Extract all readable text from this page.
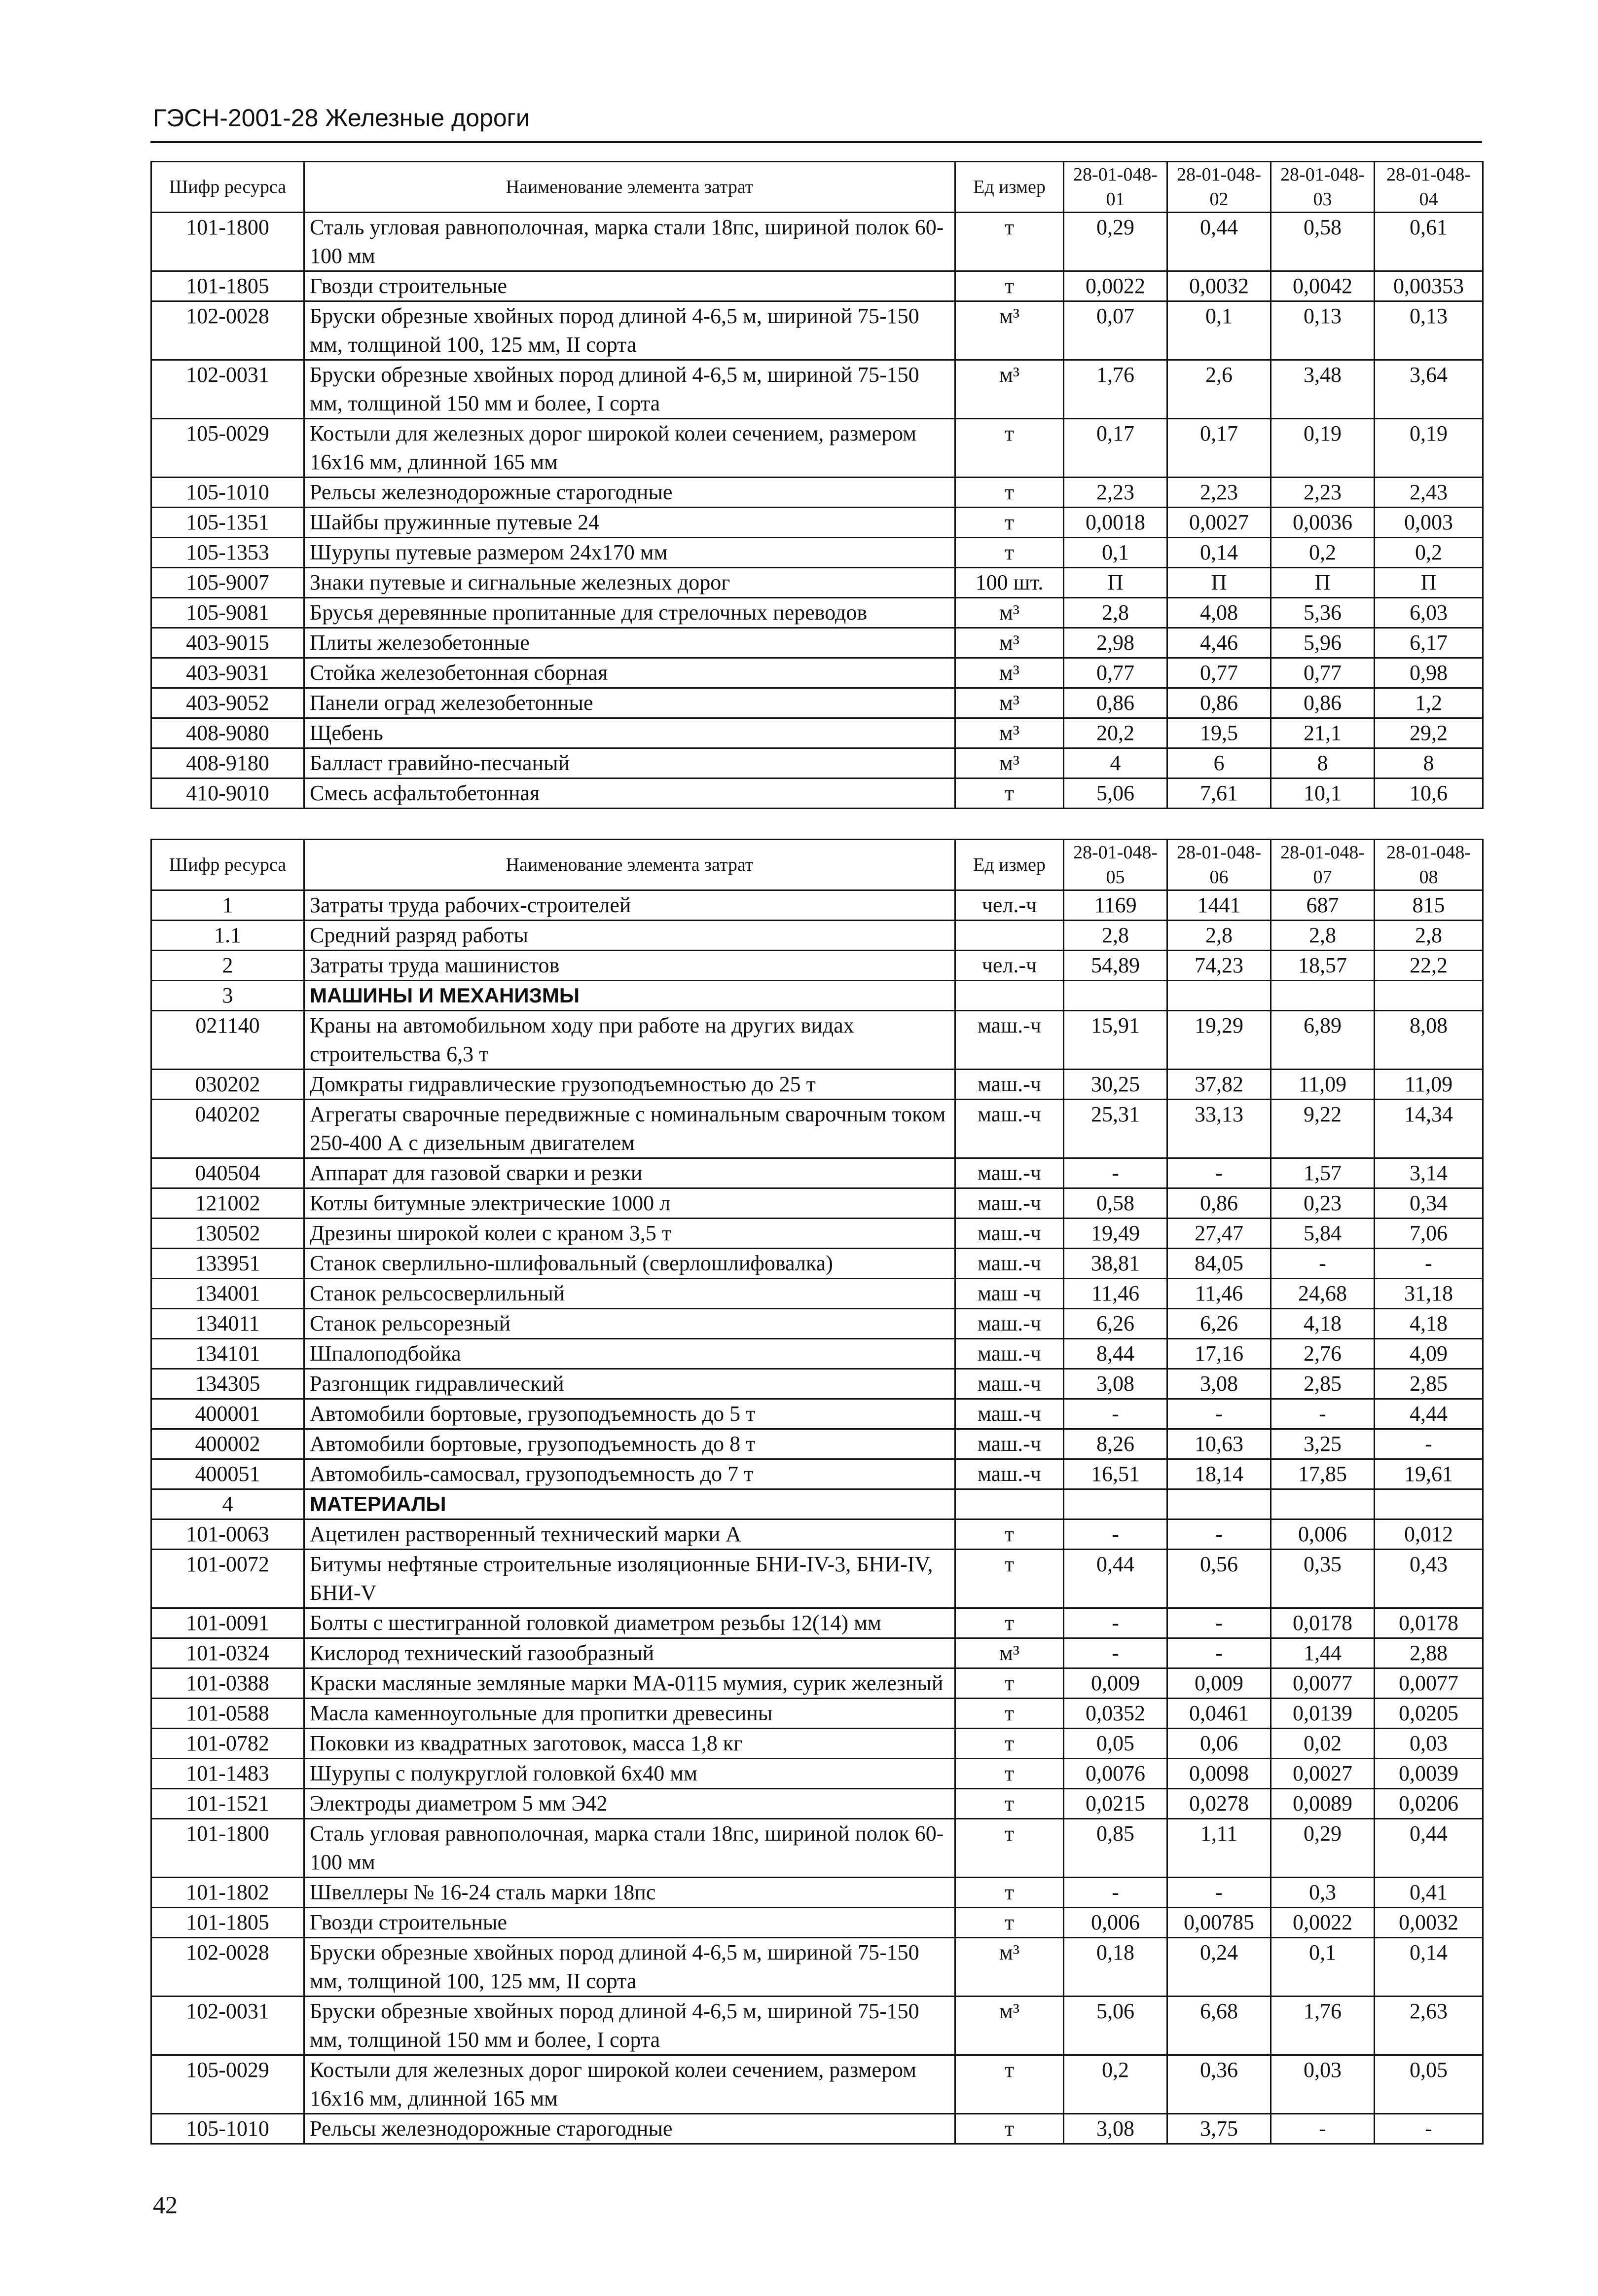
ГЭСН-2001-28 Железные дороги
Шифр ресурса	Наименование элемента затрат	Ед измер	28-01-048-01	28-01-048-02	28-01-048-03	28-01-048-04
101-1800	Сталь угловая равнополочная, марка стали 18пс, шириной полок 60-100 мм	т	0,29	0,44	0,58	0,61
101-1805	Гвозди строительные	т	0,0022	0,0032	0,0042	0,00353
102-0028	Бруски обрезные хвойных пород длиной 4-6,5 м, шириной 75-150 мм, толщиной 100, 125 мм, II сорта	м³	0,07	0,1	0,13	0,13
102-0031	Бруски обрезные хвойных пород длиной 4-6,5 м, шириной 75-150 мм, толщиной 150 мм и более, I сорта	м³	1,76	2,6	3,48	3,64
105-0029	Костыли для железных дорог широкой колеи сечением, размером 16х16 мм, длинной 165 мм	т	0,17	0,17	0,19	0,19
105-1010	Рельсы железнодорожные старогодные	т	2,23	2,23	2,23	2,43
105-1351	Шайбы пружинные путевые 24	т	0,0018	0,0027	0,0036	0,003
105-1353	Шурупы путевые размером 24х170 мм	т	0,1	0,14	0,2	0,2
105-9007	Знаки путевые и сигнальные железных дорог	100 шт.	П	П	П	П
105-9081	Брусья деревянные пропитанные для стрелочных переводов	м³	2,8	4,08	5,36	6,03
403-9015	Плиты железобетонные	м³	2,98	4,46	5,96	6,17
403-9031	Стойка железобетонная сборная	м³	0,77	0,77	0,77	0,98
403-9052	Панели оград железобетонные	м³	0,86	0,86	0,86	1,2
408-9080	Щебень	м³	20,2	19,5	21,1	29,2
408-9180	Балласт гравийно-песчаный	м³	4	6	8	8
410-9010	Смесь асфальтобетонная	т	5,06	7,61	10,1	10,6
Шифр ресурса	Наименование элемента затрат	Ед измер	28-01-048-05	28-01-048-06	28-01-048-07	28-01-048-08
1	Затраты труда рабочих-строителей	чел.-ч	1169	1441	687	815
1.1	Средний разряд работы		2,8	2,8	2,8	2,8
2	Затраты труда машинистов	чел.-ч	54,89	74,23	18,57	22,2
3	МАШИНЫ И МЕХАНИЗМЫ					
021140	Краны на автомобильном ходу при работе на других видах строительства 6,3 т	маш.-ч	15,91	19,29	6,89	8,08
030202	Домкраты гидравлические грузоподъемностью до 25 т	маш.-ч	30,25	37,82	11,09	11,09
040202	Агрегаты сварочные передвижные с номинальным сварочным током 250-400 А с дизельным двигателем	маш.-ч	25,31	33,13	9,22	14,34
040504	Аппарат для газовой сварки и резки	маш.-ч	-	-	1,57	3,14
121002	Котлы битумные электрические 1000 л	маш.-ч	0,58	0,86	0,23	0,34
130502	Дрезины широкой колеи с краном 3,5 т	маш.-ч	19,49	27,47	5,84	7,06
133951	Станок сверлильно-шлифовальный (сверлошлифовалка)	маш.-ч	38,81	84,05	-	-
134001	Станок рельсосверлильный	маш -ч	11,46	11,46	24,68	31,18
134011	Станок рельсорезный	маш.-ч	6,26	6,26	4,18	4,18
134101	Шпалоподбойка	маш.-ч	8,44	17,16	2,76	4,09
134305	Разгонщик гидравлический	маш.-ч	3,08	3,08	2,85	2,85
400001	Автомобили бортовые, грузоподъемность до 5 т	маш.-ч	-	-	-	4,44
400002	Автомобили бортовые, грузоподъемность до 8 т	маш.-ч	8,26	10,63	3,25	-
400051	Автомобиль-самосвал, грузоподъемность до 7 т	маш.-ч	16,51	18,14	17,85	19,61
4	МАТЕРИАЛЫ					
101-0063	Ацетилен растворенный технический марки А	т	-	-	0,006	0,012
101-0072	Битумы нефтяные строительные изоляционные БНИ-IV-3, БНИ-IV, БНИ-V	т	0,44	0,56	0,35	0,43
101-0091	Болты с шестигранной головкой диаметром резьбы 12(14) мм	т	-	-	0,0178	0,0178
101-0324	Кислород технический газообразный	м³	-	-	1,44	2,88
101-0388	Краски масляные земляные марки МА-0115 мумия, сурик железный	т	0,009	0,009	0,0077	0,0077
101-0588	Масла каменноугольные для пропитки древесины	т	0,0352	0,0461	0,0139	0,0205
101-0782	Поковки из квадратных заготовок, масса 1,8 кг	т	0,05	0,06	0,02	0,03
101-1483	Шурупы с полукруглой головкой 6х40 мм	т	0,0076	0,0098	0,0027	0,0039
101-1521	Электроды диаметром 5 мм Э42	т	0,0215	0,0278	0,0089	0,0206
101-1800	Сталь угловая равнополочная, марка стали 18пс, шириной полок 60-100 мм	т	0,85	1,11	0,29	0,44
101-1802	Швеллеры № 16-24 сталь марки 18пс	т	-	-	0,3	0,41
101-1805	Гвозди строительные	т	0,006	0,00785	0,0022	0,0032
102-0028	Бруски обрезные хвойных пород длиной 4-6,5 м, шириной 75-150 мм, толщиной 100, 125 мм, II сорта	м³	0,18	0,24	0,1	0,14
102-0031	Бруски обрезные хвойных пород длиной 4-6,5 м, шириной 75-150 мм, толщиной 150 мм и более, I сорта	м³	5,06	6,68	1,76	2,63
105-0029	Костыли для железных дорог широкой колеи сечением, размером 16х16 мм, длинной 165 мм	т	0,2	0,36	0,03	0,05
105-1010	Рельсы железнодорожные старогодные	т	3,08	3,75	-	-
42
